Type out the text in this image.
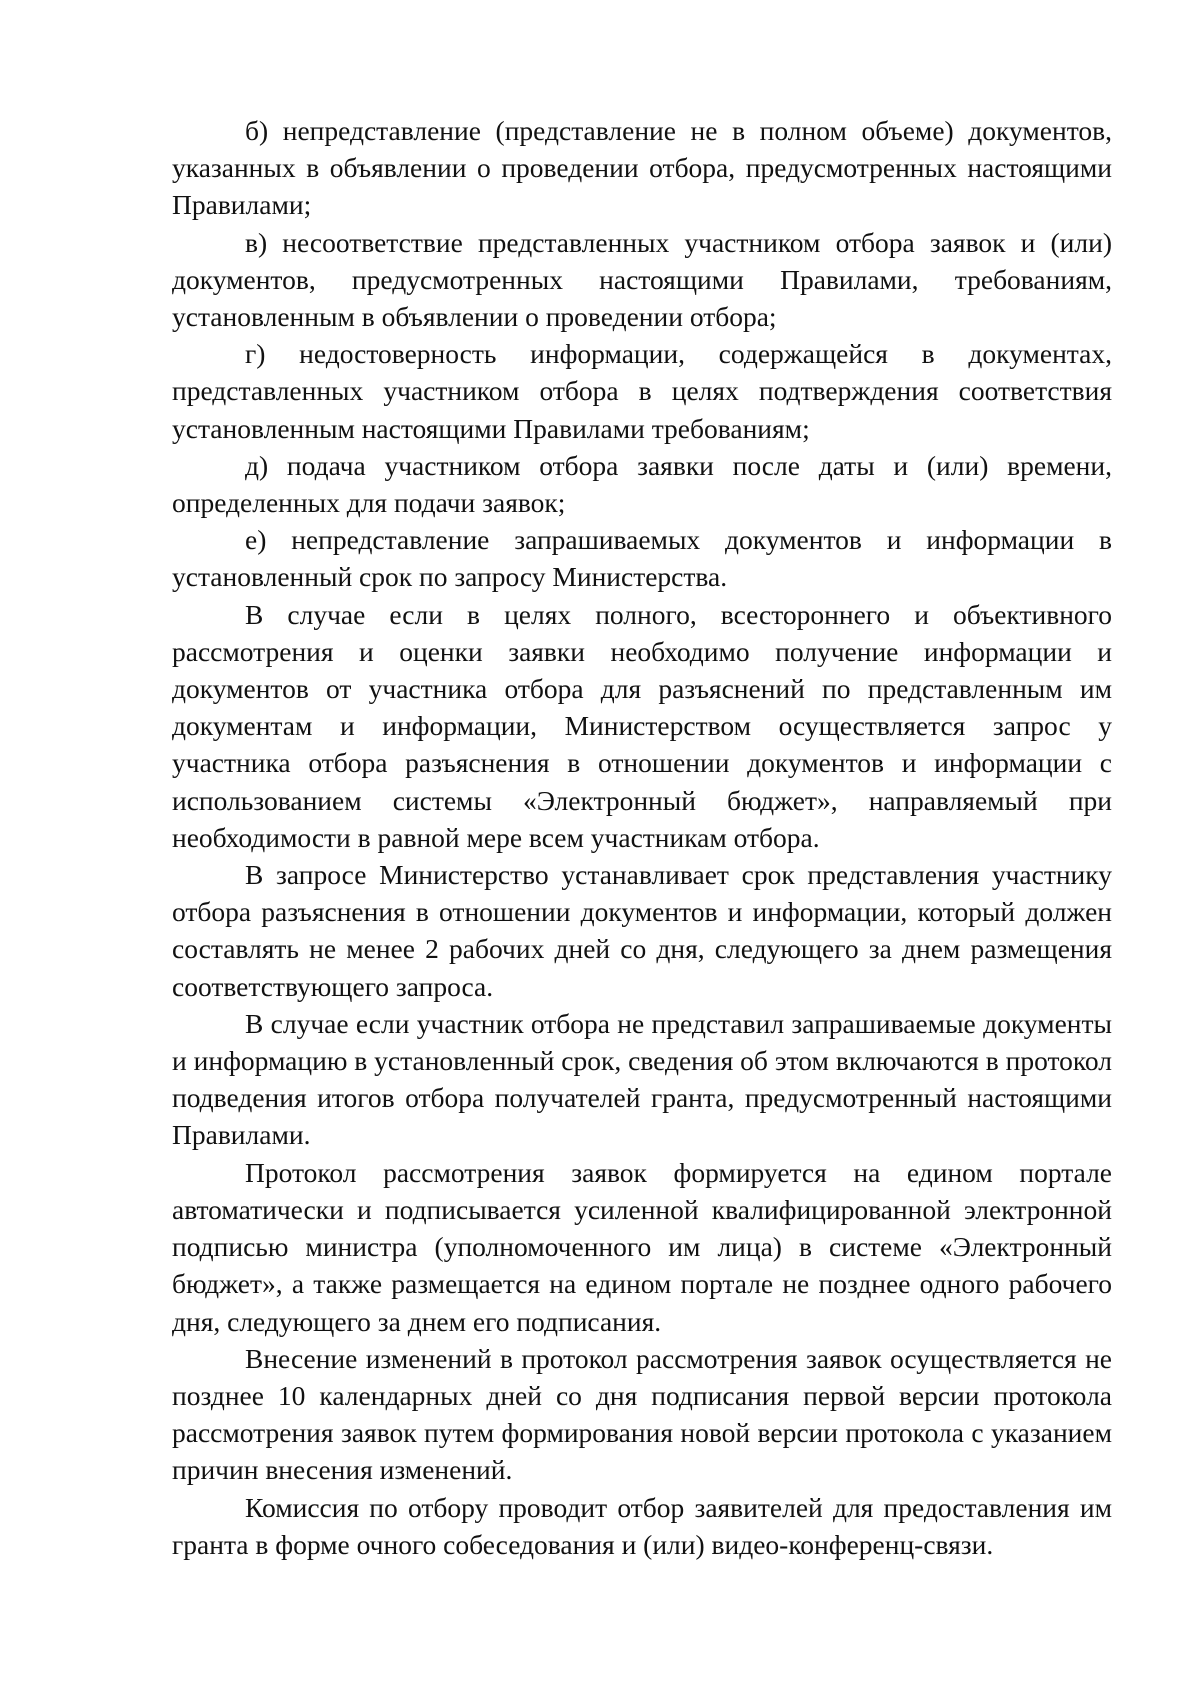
б) непредставление (представление не в полном объеме) документов, указанных в объявлении о проведении отбора, предусмотренных настоящими Правилами;

в) несоответствие представленных участником отбора заявок и (или) документов, предусмотренных настоящими Правилами, требованиям, установленным в объявлении о проведении отбора;

г) недостоверность информации, содержащейся в документах, представленных участником отбора в целях подтверждения соответствия установленным настоящими Правилами требованиям;

д) подача участником отбора заявки после даты и (или) времени, определенных для подачи заявок;

е) непредставление запрашиваемых документов и информации в установленный срок по запросу Министерства.

В случае если в целях полного, всестороннего и объективного рассмотрения и оценки заявки необходимо получение информации и документов от участника отбора для разъяснений по представленным им документам и информации, Министерством осуществляется запрос у участника отбора разъяснения в отношении документов и информации с использованием системы «Электронный бюджет», направляемый при необходимости в равной мере всем участникам отбора.

В запросе Министерство устанавливает срок представления участнику отбора разъяснения в отношении документов и информации, который должен составлять не менее 2 рабочих дней со дня, следующего за днем размещения соответствующего запроса.

В случае если участник отбора не представил запрашиваемые документы и информацию в установленный срок, сведения об этом включаются в протокол подведения итогов отбора получателей гранта, предусмотренный настоящими Правилами.

Протокол рассмотрения заявок формируется на едином портале автоматически и подписывается усиленной квалифицированной электронной подписью министра (уполномоченного им лица) в системе «Электронный бюджет», а также размещается на едином портале не позднее одного рабочего дня, следующего за днем его подписания.

Внесение изменений в протокол рассмотрения заявок осуществляется не позднее 10 календарных дней со дня подписания первой версии протокола рассмотрения заявок путем формирования новой версии протокола с указанием причин внесения изменений.

Комиссия по отбору проводит отбор заявителей для предоставления им гранта в форме очного собеседования и (или) видео-конференц-связи.
